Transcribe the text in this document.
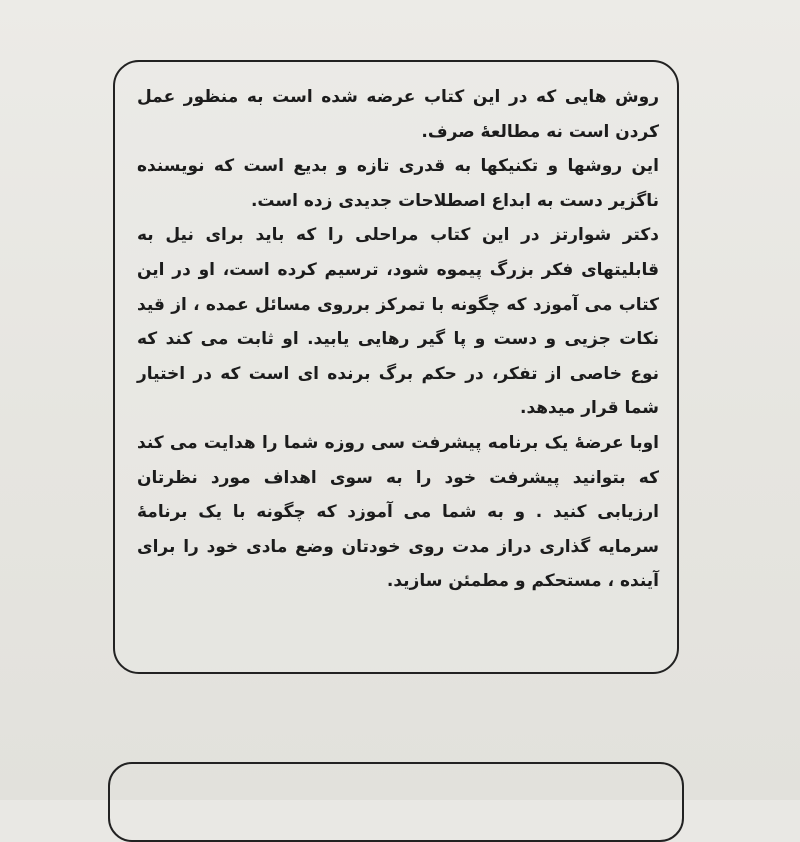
روش هایی که در این کتاب عرضه شده است به منظور عمل کردن است نه مطالعهٔ صرف.

این روشها و تکنیکها به قدری تازه و بدیع است که نویسنده ناگزیر دست به ابداع اصطلاحات جدیدی زده است.

دکتر شوارتز در این کتاب مراحلی را که باید برای نیل به قابلیتهای فکر بزرگ پیموه شود، ترسیم کرده است، او در این کتاب می آموزد که چگونه با تمرکز برروی مسائل عمده ، از قید نکات جزیی و دست و پا گیر رهایی یابید. او ثابت می کند که نوع خاصی از تفکر، در حکم برگ برنده ای است که در اختیار شما قرار میدهد.

اوبا عرضهٔ یک برنامه پیشرفت سی روزه شما را هدایت می کند که بتوانید پیشرفت خود را به سوی اهداف مورد نظرتان ارزیابی کنید . و به شما می آموزد که چگونه با یک برنامهٔ سرمایه گذاری دراز مدت روی خودتان وضع مادی خود را برای آینده ، مستحکم و مطمئن سازید.
